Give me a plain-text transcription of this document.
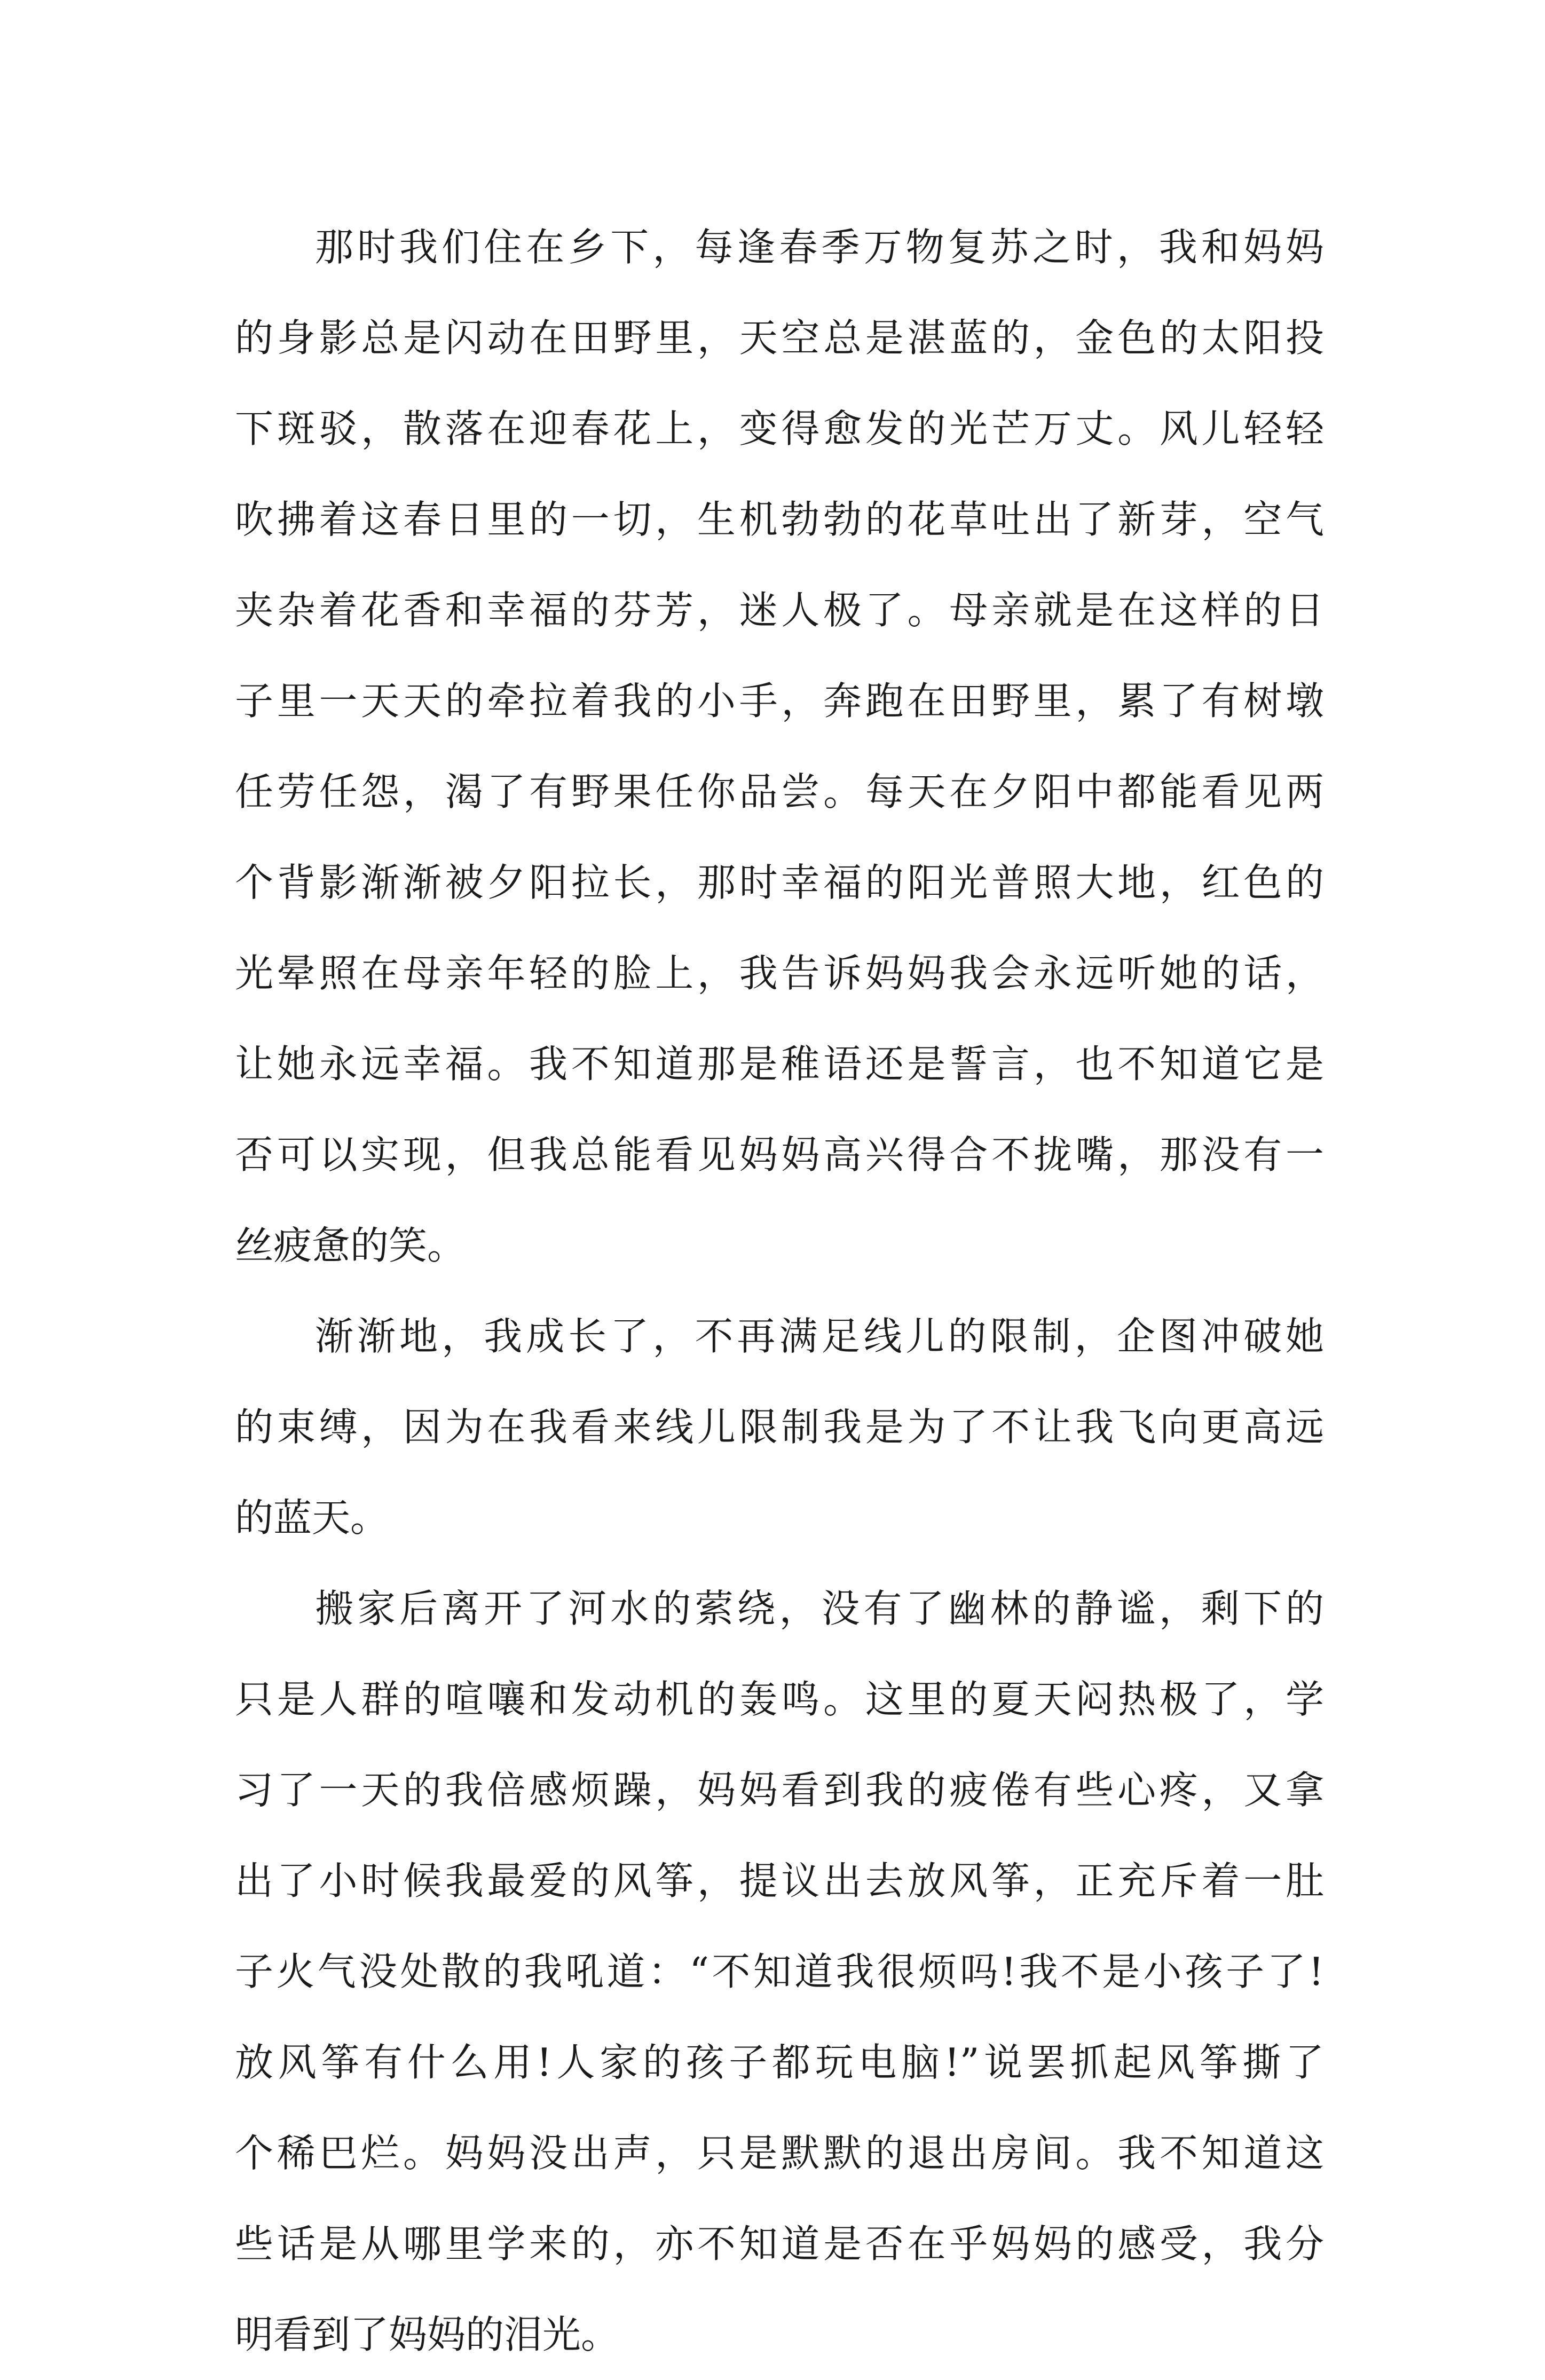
那时我们住在乡下，每逢春季万物复苏之时，我和妈妈
的身影总是闪动在田野里，天空总是湛蓝的，金色的太阳投
下斑驳，散落在迎春花上，变得愈发的光芒万丈。风儿轻轻
吹拂着这春日里的一切，生机勃勃的花草吐出了新芽，空气
夹杂着花香和幸福的芬芳，迷人极了。母亲就是在这样的日
子里一天天的牵拉着我的小手，奔跑在田野里，累了有树墩
任劳任怨，渴了有野果任你品尝。每天在夕阳中都能看见两
个背影渐渐被夕阳拉长，那时幸福的阳光普照大地，红色的
光晕照在母亲年轻的脸上，我告诉妈妈我会永远听她的话，
让她永远幸福。我不知道那是稚语还是誓言，也不知道它是
否可以实现，但我总能看见妈妈高兴得合不拢嘴，那没有一
丝疲惫的笑。
渐渐地，我成长了，不再满足线儿的限制，企图冲破她
的束缚，因为在我看来线儿限制我是为了不让我飞向更高远
的蓝天。
搬家后离开了河水的萦绕，没有了幽林的静谧，剩下的
只是人群的喧嚷和发动机的轰鸣。这里的夏天闷热极了，学
习了一天的我倍感烦躁，妈妈看到我的疲倦有些心疼，又拿
出了小时候我最爱的风筝，提议出去放风筝，正充斥着一肚
子火气没处散的我吼道：“不知道我很烦吗!我不是小孩子了!
放风筝有什么用!人家的孩子都玩电脑!”说罢抓起风筝撕了
个稀巴烂。妈妈没出声，只是默默的退出房间。我不知道这
些话是从哪里学来的，亦不知道是否在乎妈妈的感受，我分
明看到了妈妈的泪光。
